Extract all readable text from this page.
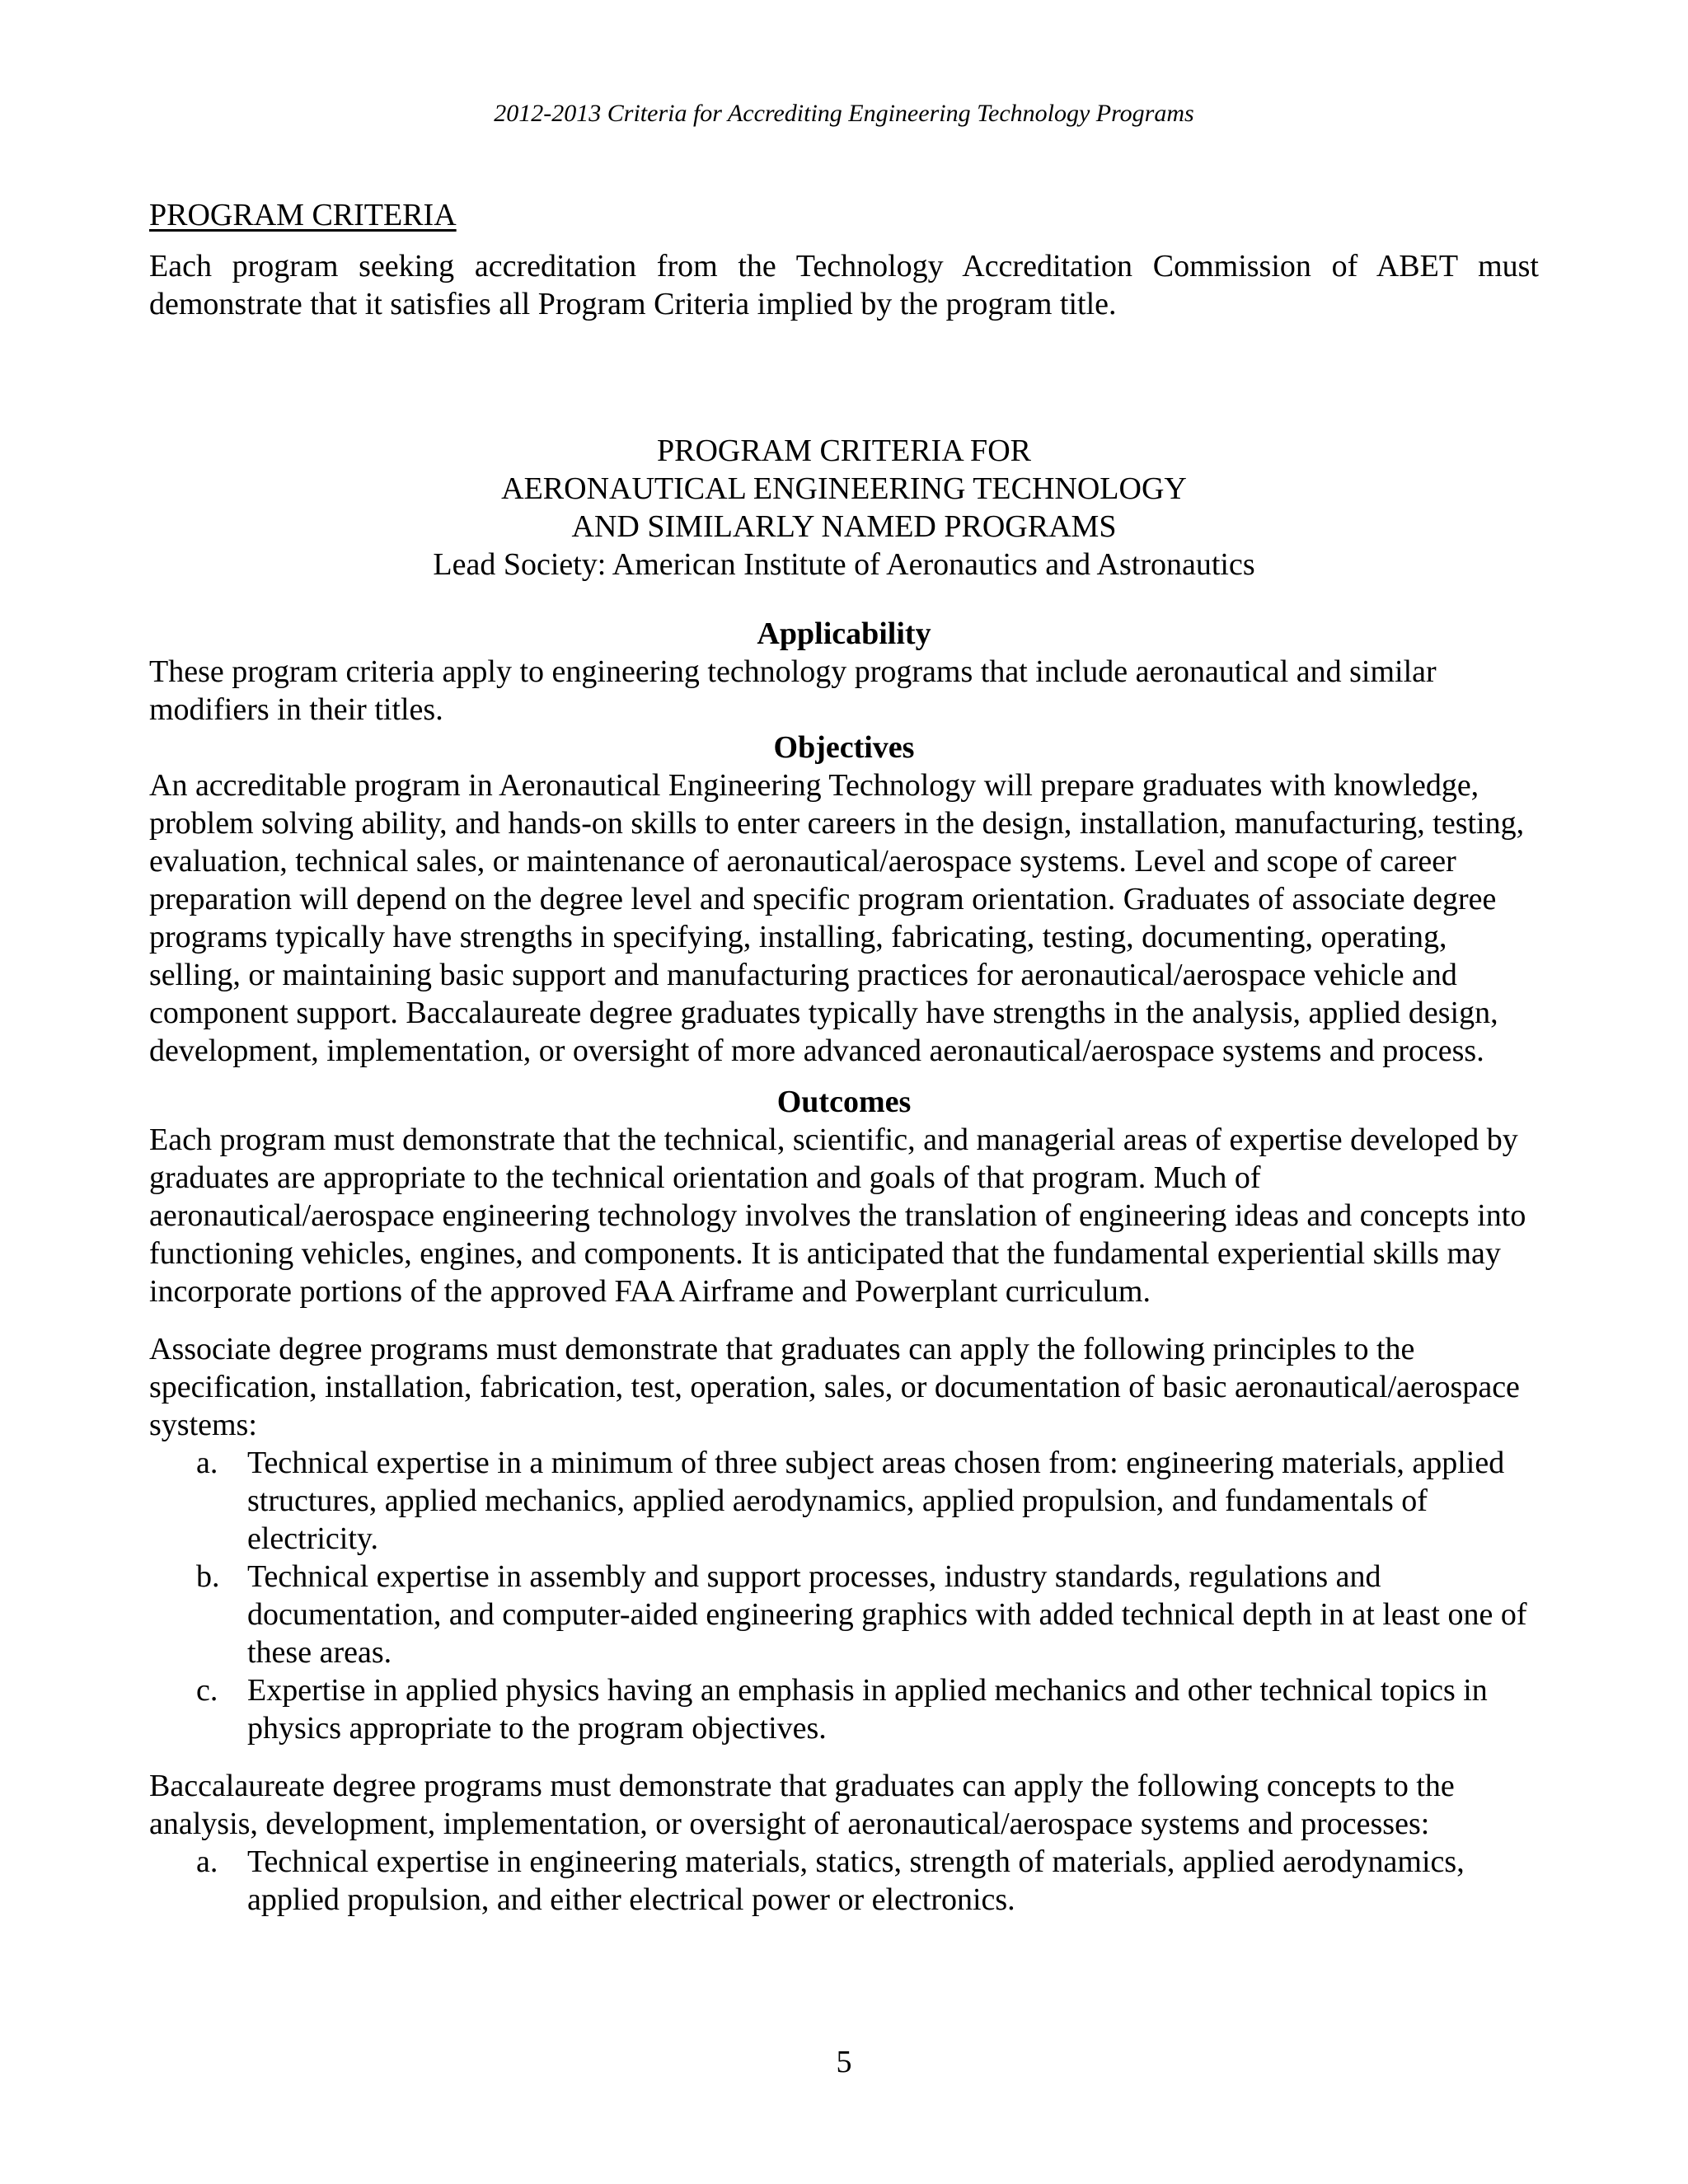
2012-2013 Criteria for Accrediting Engineering Technology Programs

PROGRAM CRITERIA

Each program seeking accreditation from the Technology Accreditation Commission of ABET must demonstrate that it satisfies all Program Criteria implied by the program title.

PROGRAM CRITERIA FOR

AERONAUTICAL ENGINEERING TECHNOLOGY

AND SIMILARLY NAMED PROGRAMS

Lead Society: American Institute of Aeronautics and Astronautics

Applicability

These program criteria apply to engineering technology programs that include aeronautical and similar modifiers in their titles.

Objectives

An accreditable program in Aeronautical Engineering Technology will prepare graduates with knowledge, problem solving ability, and hands-on skills to enter careers in the design, installation, manufacturing, testing, evaluation, technical sales, or maintenance of aeronautical/aerospace systems. Level and scope of career preparation will depend on the degree level and specific program orientation. Graduates of associate degree programs typically have strengths in specifying, installing, fabricating, testing, documenting, operating, selling, or maintaining basic support and manufacturing practices for aeronautical/aerospace vehicle and component support. Baccalaureate degree graduates typically have strengths in the analysis, applied design, development, implementation, or oversight of more advanced aeronautical/aerospace systems and process.

Outcomes

Each program must demonstrate that the technical, scientific, and managerial areas of expertise developed by graduates are appropriate to the technical orientation and goals of that program. Much of aeronautical/aerospace engineering technology involves the translation of engineering ideas and concepts into functioning vehicles, engines, and components. It is anticipated that the fundamental experiential skills may incorporate portions of the approved FAA Airframe and Powerplant curriculum.

Associate degree programs must demonstrate that graduates can apply the following principles to the specification, installation, fabrication, test, operation, sales, or documentation of basic aeronautical/aerospace systems:

a. Technical expertise in a minimum of three subject areas chosen from: engineering materials, applied structures, applied mechanics, applied aerodynamics, applied propulsion, and fundamentals of electricity.
b. Technical expertise in assembly and support processes, industry standards, regulations and documentation, and computer-aided engineering graphics with added technical depth in at least one of these areas.
c. Expertise in applied physics having an emphasis in applied mechanics and other technical topics in physics appropriate to the program objectives.

Baccalaureate degree programs must demonstrate that graduates can apply the following concepts to the analysis, development, implementation, or oversight of aeronautical/aerospace systems and processes:

a. Technical expertise in engineering materials, statics, strength of materials, applied aerodynamics, applied propulsion, and either electrical power or electronics.
5
